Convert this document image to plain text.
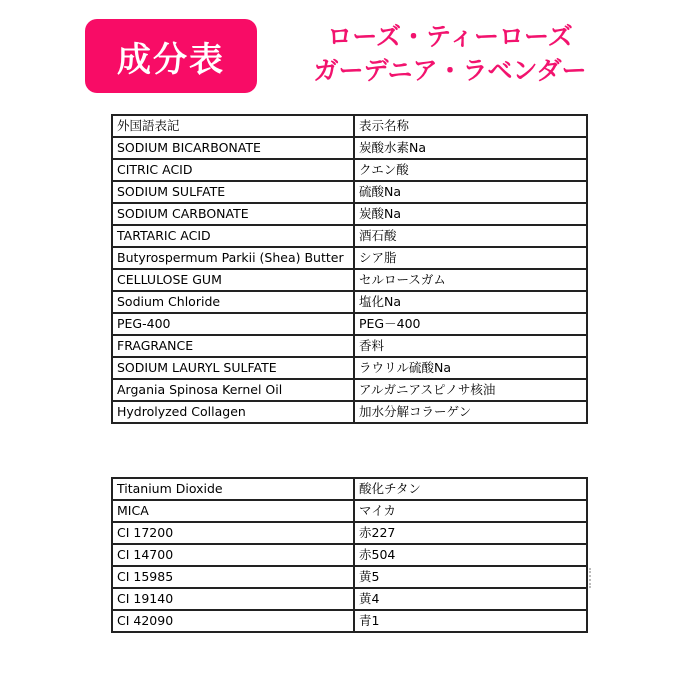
成分表
ローズ・ティーローズ
ガーデニア・ラベンダー
外国語表記	表示名称
SODIUM BICARBONATE	炭酸水素Na
CITRIC ACID	クエン酸
SODIUM SULFATE	硫酸Na
SODIUM CARBONATE	炭酸Na
TARTARIC ACID	酒石酸
Butyrospermum Parkii (Shea) Butter	シア脂
CELLULOSE GUM	セルロースガム
Sodium Chloride	塩化Na
PEG-400	PEG－400
FRAGRANCE	香料
SODIUM LAURYL SULFATE	ラウリル硫酸Na
Argania Spinosa Kernel Oil	アルガニアスピノサ核油
Hydrolyzed Collagen	加水分解コラーゲン
Titanium Dioxide	酸化チタン
MICA	マイカ
CI 17200	赤227
CI 14700	赤504
CI 15985	黄5
CI 19140	黄4
CI 42090	青1
